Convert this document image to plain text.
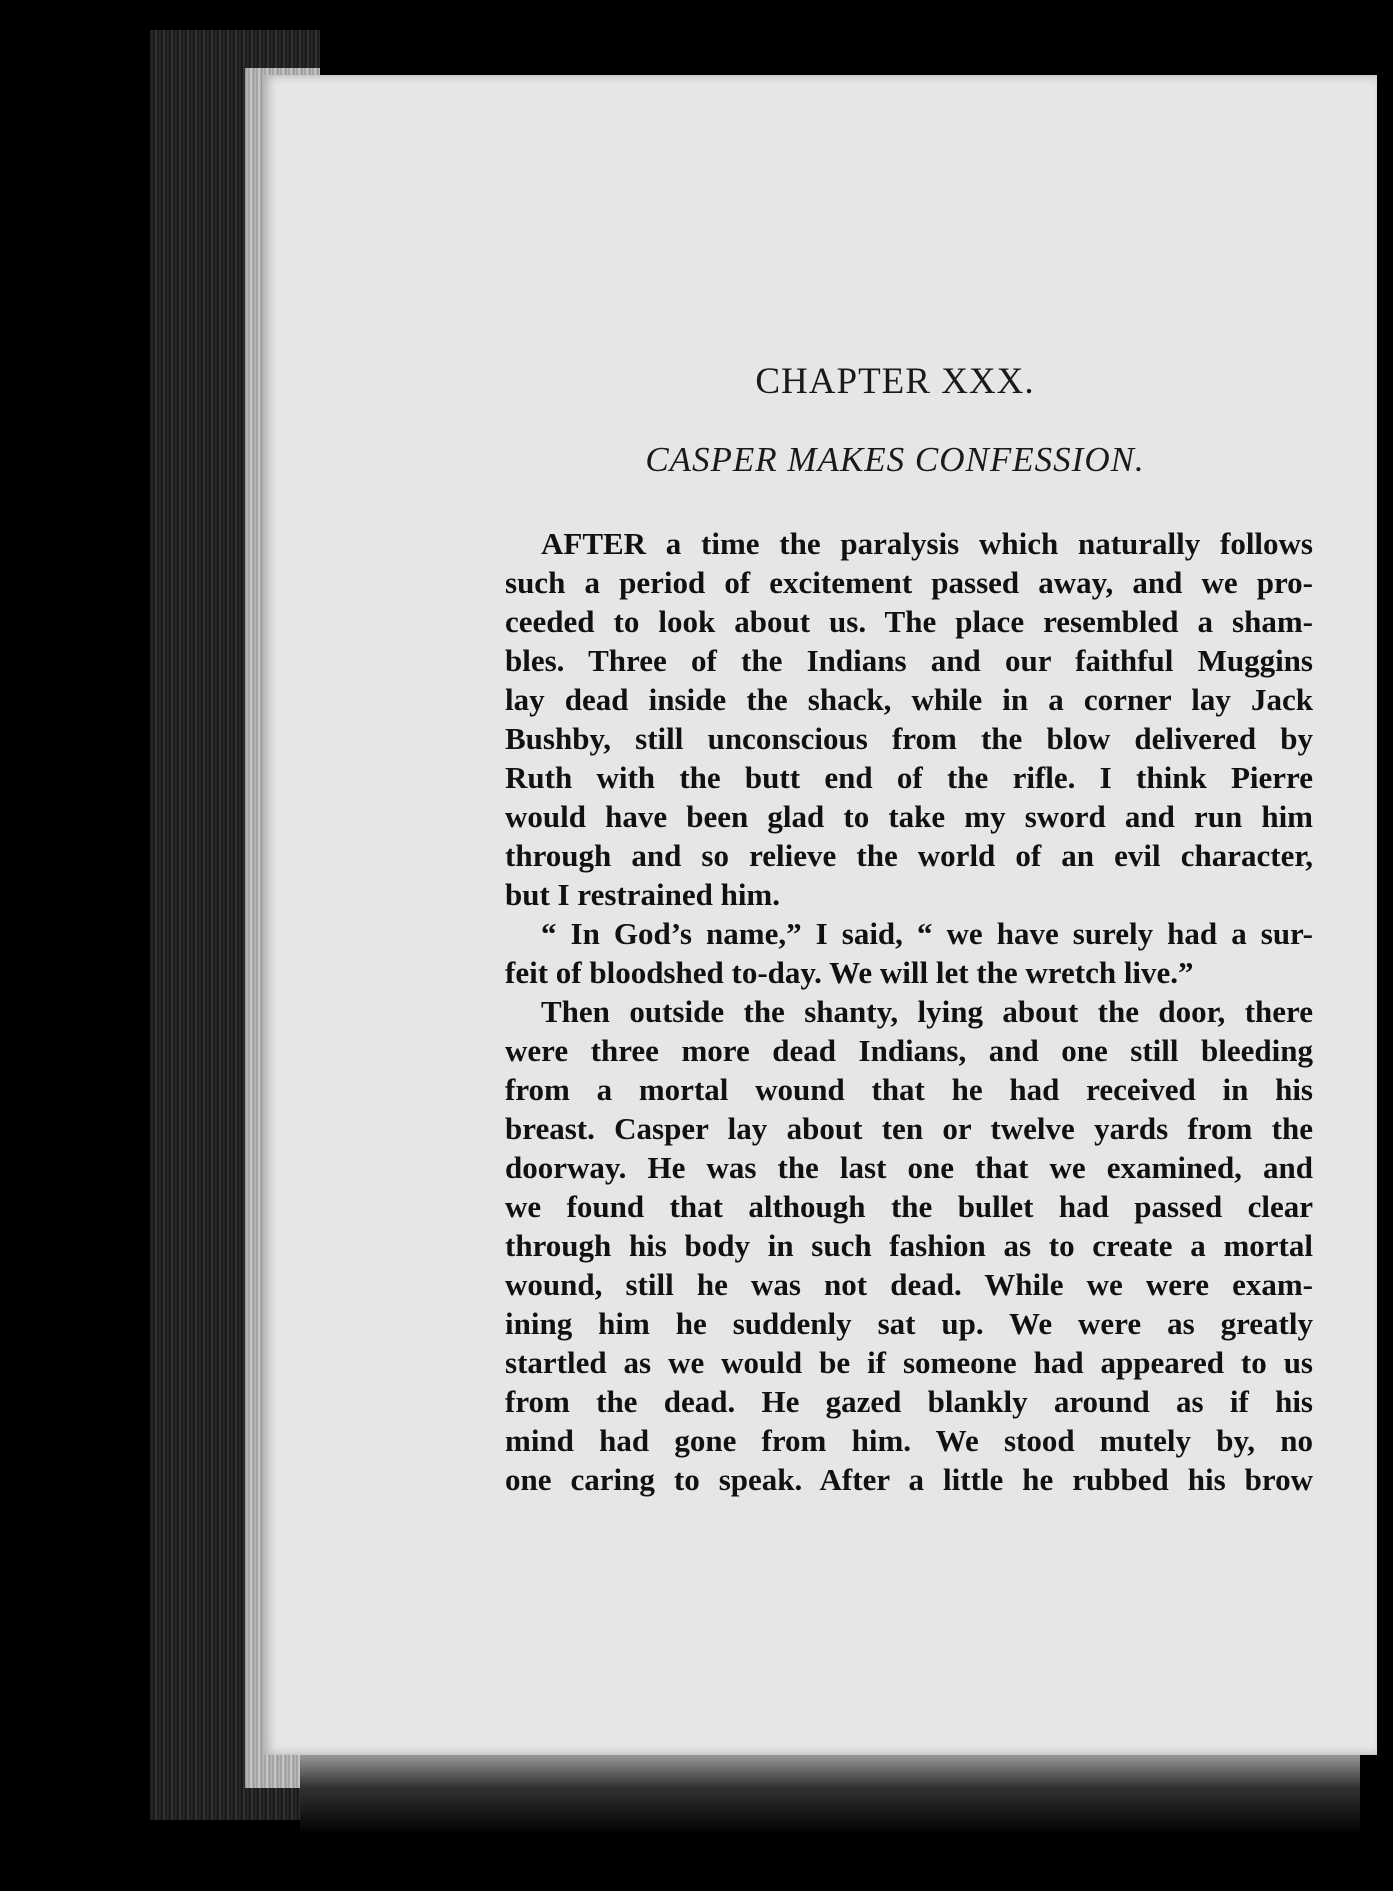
CHAPTER XXX.
CASPER MAKES CONFESSION.

AFTER a time the paralysis which naturally follows
such a period of excitement passed away, and we pro-
ceeded to look about us. The place resembled a sham-
bles. Three of the Indians and our faithful Muggins
lay dead inside the shack, while in a corner lay Jack
Bushby, still unconscious from the blow delivered by
Ruth with the butt end of the rifle. I think Pierre
would have been glad to take my sword and run him
through and so relieve the world of an evil character,
but I restrained him.

“ In God’s name,” I said, “ we have surely had a sur-
feit of bloodshed to-day. We will let the wretch live.”

Then outside the shanty, lying about the door, there
were three more dead Indians, and one still bleeding
from a mortal wound that he had received in his
breast. Casper lay about ten or twelve yards from the
doorway. He was the last one that we examined, and
we found that although the bullet had passed clear
through his body in such fashion as to create a mortal
wound, still he was not dead. While we were exam-
ining him he suddenly sat up. We were as greatly
startled as we would be if someone had appeared to us
from the dead. He gazed blankly around as if his
mind had gone from him. We stood mutely by, no
one caring to speak. After a little he rubbed his brow
